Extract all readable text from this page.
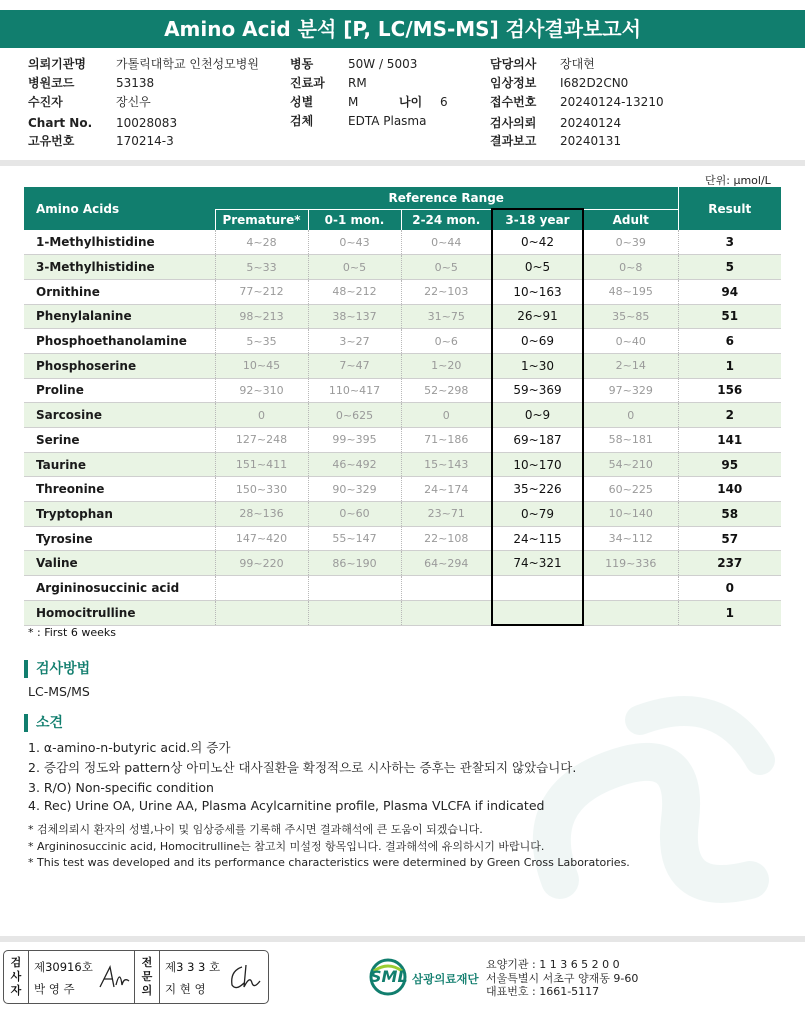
Amino Acid 분석 [P, LC/MS-MS] 검사결과보고서
의뢰기관명	가톨릭대학교 인천성모병원
병원코드	53138
수진자	장신우
Chart No. 10028083
고유번호	170214-3
병동	50W / 5003
진료과 RM
성별	M	나이 6
검체	EDTA Plasma
담당의사 장대현
임상정보 I682D2CN0
접수번호 20240124-13210
검사의뢰 20240124
결과보고 20240131
단위: μmol/L
Amino Acids	Reference Range					Result
	Premature*	0-1 mon.	2-24 mon.	3-18 year	Adult	
1-Methylhistidine	4~28	0~43	0~44	0~42	0~39	3
3-Methylhistidine	5~33	0~5	0~5	0~5	0~8	5
Ornithine	77~212	48~212	22~103	10~163	48~195	94
Phenylalanine	98~213	38~137	31~75	26~91	35~85	51
Phosphoethanolamine	5~35	3~27	0~6	0~69	0~40	6
Phosphoserine	10~45	7~47	1~20	1~30	2~14	1
Proline	92~310	110~417	52~298	59~369	97~329	156
Sarcosine	0	0~625	0	0~9	0	2
Serine	127~248	99~395	71~186	69~187	58~181	141
Taurine	151~411	46~492	15~143	10~170	54~210	95
Threonine	150~330	90~329	24~174	35~226	60~225	140
Tryptophan	28~136	0~60	23~71	0~79	10~140	58
Tyrosine	147~420	55~147	22~108	24~115	34~112	57
Valine	99~220	86~190	64~294	74~321	119~336	237
Argininosuccinic acid						0
Homocitrulline						1
* : First 6 weeks
검사방법
LC-MS/MS
소견
1. α-amino-n-butyric acid.의 증가
2. 증감의 정도와 pattern상 아미노산 대사질환을 확정적으로 시사하는 증후는 관찰되지 않았습니다.
3. R/O) Non-specific condition
4. Rec) Urine OA, Urine AA, Plasma Acylcarnitine profile, Plasma VLCFA if indicated
* 검체의뢰시 환자의 성별,나이 및 임상증세를 기록해 주시면 결과해석에 큰 도움이 되겠습니다.
* Argininosuccinic acid, Homocitrulline는 참고치 미설정 항목입니다. 결과해석에 유의하시기 바랍니다.
* This test was developed and its performance characteristics were determined by Green Cross Laboratories.
검사자
제30916호
박 영 주
전문의
제3 3 3 호
지 현 영
SML 삼광의료재단
요양기관 : 1 1 3 6 5 2 0 0
서울특별시 서초구 양재동 9-60
대표번호 : 1661-5117
